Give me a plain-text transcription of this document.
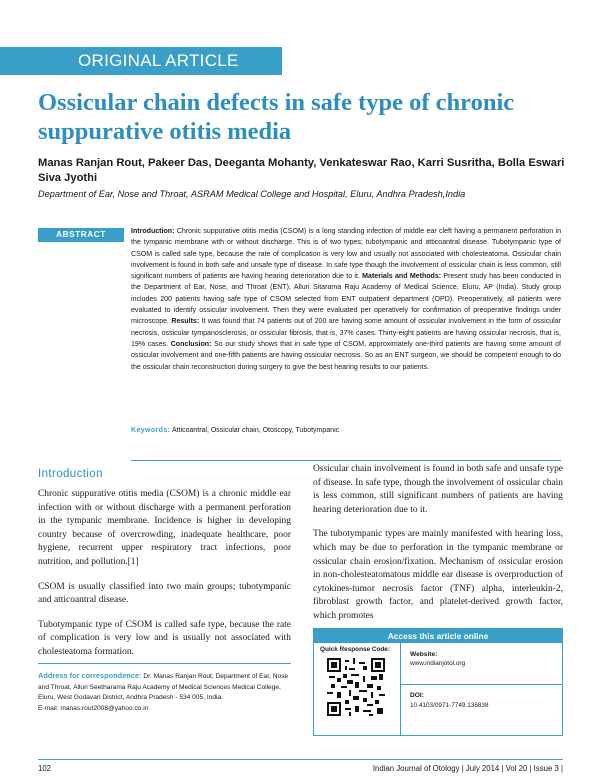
ORIGINAL ARTICLE
Ossicular chain defects in safe type of chronic suppurative otitis media
Manas Ranjan Rout, Pakeer Das, Deeganta Mohanty, Venkateswar Rao, Karri Susritha, Bolla Eswari Siva Jyothi
Department of Ear, Nose and Throat, ASRAM Medical College and Hospital, Eluru, Andhra Pradesh,India
ABSTRACT	Introduction: Chronic suppurative otitis media (CSOM) is a long standing infection of middle ear cleft having a permanent perforation in the tympanic membrane with or without discharge. This is of two types; tubotympanic and atticoantral disease. Tubotympanic type of CSOM is called safe type, because the rate of complication is very low and usually not associated with cholesteatoma. Ossicular chain involvement is found in both safe and unsafe type of disease. In safe type though the involvement of ossicular chain is less common, still significant numbers of patients are having hearing deterioration due to it. Materials and Methods: Present study has been conducted in the Department of Ear, Nose, and Throat (ENT), Alluri Sitarama Raju Academy of Medical Science, Eluru, AP (India). Study group includes 200 patients having safe type of CSOM selected from ENT outpatient department (OPD). Preoperatively, all patients were evaluated to identify ossicular involvement. Then they were evaluated per operatively for confirmation of preoperative findings under microscope. Results: It was found that 74 patients out of 200 are having some amount of ossicular involvement in the form of ossicular necrosis, ossicular tympanosclerosis, or ossicular fibrosis, that is, 37% cases. Thirty-eight patients are having ossicular necrosis, that is, 19% cases. Conclusion: So our study shows that in safe type of CSOM, approximately one-third patients are having some amount of ossicular involvement and one-fifth patients are having ossicular necrosis. So as an ENT surgeon, we should be competent enough to do the ossicular chain reconstruction during surgery to give the best hearing results to our patients.
Keywords: Atticoantral, Ossicular chain, Otoscopy, Tubotympanic
Introduction

Chronic suppurative otitis media (CSOM) is a chronic middle ear infection with or without discharge with a permanent perforation in the tympanic membrane. Incidence is higher in developing country because of overcrowding, inadequate healthcare, poor hygiene, recurrent upper respiratory tract infections, poor nutrition, and pollution.[1]

CSOM is usually classified into two main groups; tubotympanic and atticoantral disease.

Tubotympanic type of CSOM is called safe type, because the rate of complication is very low and is usually not associated with cholesteatoma formation.

Address for correspondence: Dr. Manas Ranjan Rout, Department of Ear, Nose and Throat, Alluri Seetharama Raju Academy of Medical Sciences Medical College, Eluru, West Godavari District, Andhra Pradesh - 534 005, India.
E-mail: manas.rout2008@yahoo.co.in

Ossicular chain involvement is found in both safe and unsafe type of disease. In safe type, though the involvement of ossicular chain is less common, still significant numbers of patients are having hearing deterioration due to it.

The tubotympanic types are mainly manifested with hearing loss, which may be due to perforation in the tympanic membrane or ossicular chain erosion/fixation. Mechanism of ossicular erosion in non-cholesteatomatous middle ear disease is overproduction of cytokines-tumor necrosis factor (TNF) alpha, interleukin-2, fibroblast growth factor, and platelet-derived growth factor, which promotes

Access this article online
Quick Response Code:
Website:
www.indianjotol.org
DOI:
10.4103/0971-7749.136838
102	Indian Journal of Otology | July 2014 | Vol 20 | Issue 3 |
